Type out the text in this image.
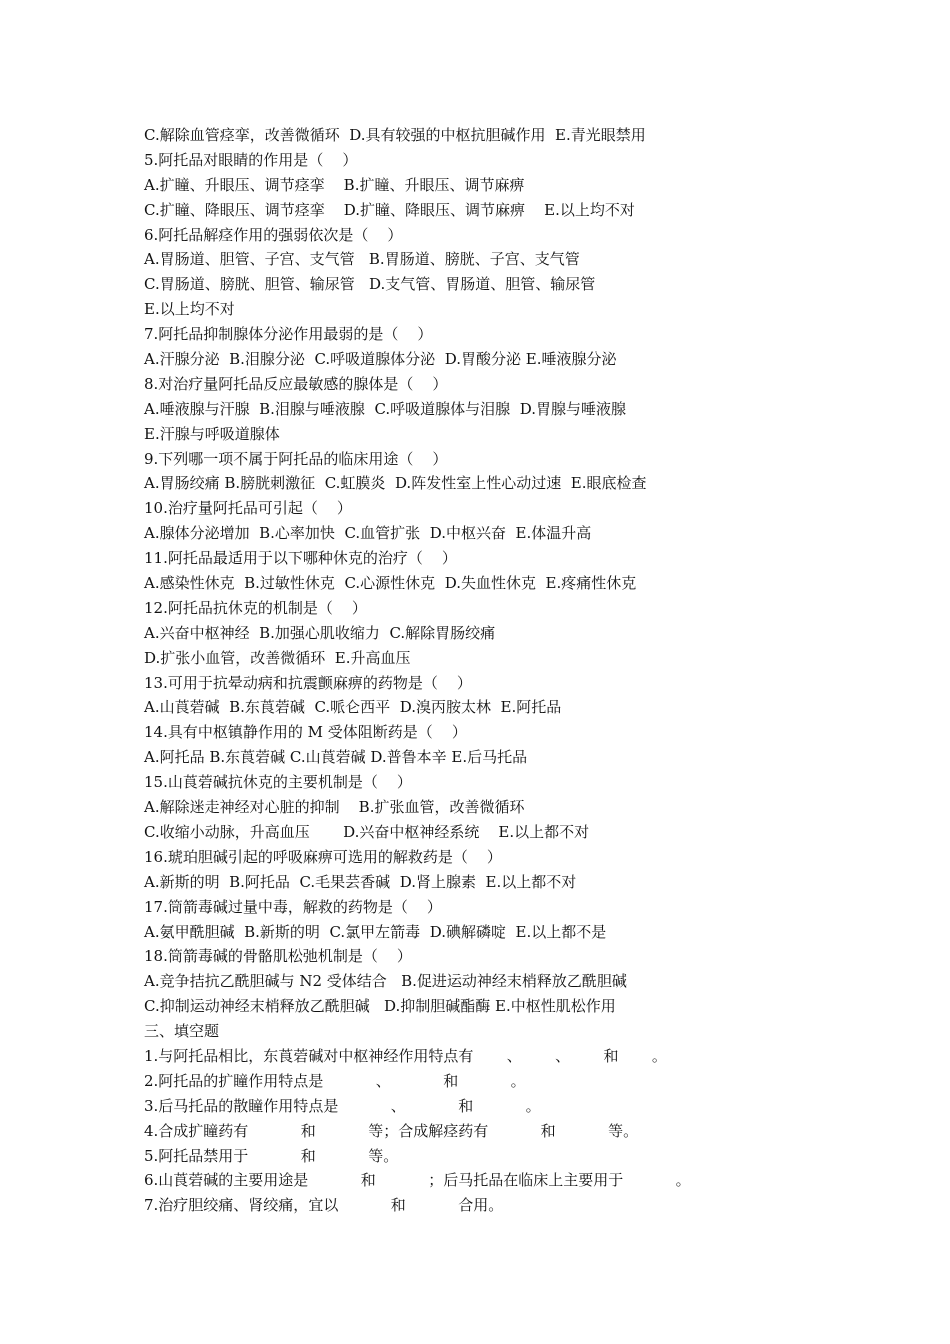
C.解除血管痉挛，改善微循环  D.具有较强的中枢抗胆碱作用  E.青光眼禁用
5.阿托品对眼睛的作用是（    ）
A.扩瞳、升眼压、调节痉挛    B.扩瞳、升眼压、调节麻痹
C.扩瞳、降眼压、调节痉挛    D.扩瞳、降眼压、调节麻痹    E.以上均不对
6.阿托品解痉作用的强弱依次是（    ）
A.胃肠道、胆管、子宫、支气管   B.胃肠道、膀胱、子宫、支气管
C.胃肠道、膀胱、胆管、输尿管   D.支气管、胃肠道、胆管、输尿管
E.以上均不对
7.阿托品抑制腺体分泌作用最弱的是（    ）
A.汗腺分泌  B.泪腺分泌  C.呼吸道腺体分泌  D.胃酸分泌 E.唾液腺分泌
8.对治疗量阿托品反应最敏感的腺体是（    ）
A.唾液腺与汗腺  B.泪腺与唾液腺  C.呼吸道腺体与泪腺  D.胃腺与唾液腺
E.汗腺与呼吸道腺体
9.下列哪一项不属于阿托品的临床用途（    ）
A.胃肠绞痛 B.膀胱刺激征  C.虹膜炎  D.阵发性室上性心动过速  E.眼底检查
10.治疗量阿托品可引起（    ）
A.腺体分泌增加  B.心率加快  C.血管扩张  D.中枢兴奋  E.体温升高
11.阿托品最适用于以下哪种休克的治疗（    ）
A.感染性休克  B.过敏性休克  C.心源性休克  D.失血性休克  E.疼痛性休克
12.阿托品抗休克的机制是（    ）
A.兴奋中枢神经  B.加强心肌收缩力  C.解除胃肠绞痛
D.扩张小血管，改善微循环  E.升高血压
13.可用于抗晕动病和抗震颤麻痹的药物是（    ）
A.山莨菪碱  B.东莨菪碱  C.哌仑西平  D.溴丙胺太林  E.阿托品
14.具有中枢镇静作用的 M 受体阻断药是（    ）
A.阿托品 B.东莨菪碱 C.山莨菪碱 D.普鲁本辛 E.后马托品
15.山莨菪碱抗休克的主要机制是（    ）
A.解除迷走神经对心脏的抑制    B.扩张血管，改善微循环
C.收缩小动脉，升高血压       D.兴奋中枢神经系统    E.以上都不对
16.琥珀胆碱引起的呼吸麻痹可选用的解救药是（    ）
A.新斯的明  B.阿托品  C.毛果芸香碱  D.肾上腺素  E.以上都不对
17.筒箭毒碱过量中毒，解救的药物是（    ）
A.氨甲酰胆碱  B.新斯的明  C.氯甲左箭毒  D.碘解磷啶  E.以上都不是
18.筒箭毒碱的骨骼肌松弛机制是（    ）
A.竞争拮抗乙酰胆碱与 N2 受体结合   B.促进运动神经末梢释放乙酰胆碱
C.抑制运动神经末梢释放乙酰胆碱   D.抑制胆碱酯酶 E.中枢性肌松作用
三、填空题
1.与阿托品相比，东莨菪碱对中枢神经作用特点有       、       、       和       。
2.阿托品的扩瞳作用特点是           、           和           。
3.后马托品的散瞳作用特点是           、           和           。
4.合成扩瞳药有           和           等；合成解痉药有           和           等。
5.阿托品禁用于           和           等。
6.山莨菪碱的主要用途是           和           ；后马托品在临床上主要用于           。
7.治疗胆绞痛、肾绞痛，宜以           和           合用。
